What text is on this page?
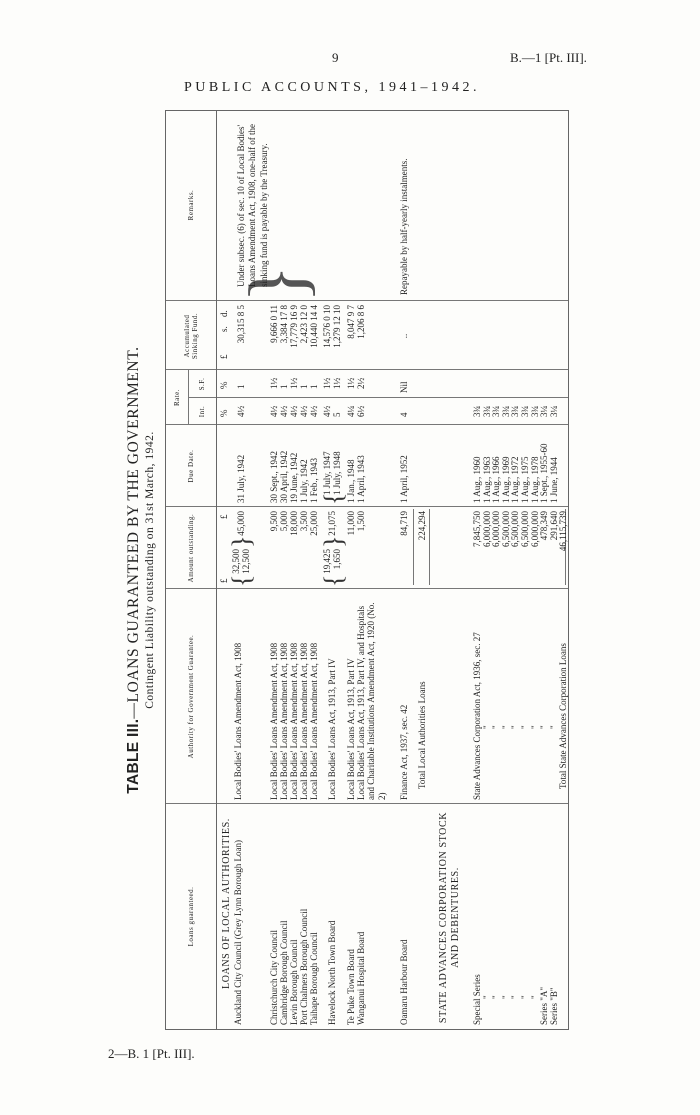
9	B.—1 [Pt. III].
PUBLIC ACCOUNTS, 1941–1942.
TABLE III.—LOANS GUARANTEED BY THE GOVERNMENT. Contingent Liability outstanding on 31st March, 1942.
Loans guaranteed.
Authority for Government Guarantee.
Amount outstanding.
Due Date.
Rate.
Int.
S.F.
Accumulated Sinking Fund.
Remarks.
£
£
%
%
£
s.
d.
LOANS OF LOCAL AUTHORITIES. Auckland City Council (Grey Lynn Borough Loan)
Local Bodies' Loans Amendment Act, 1908
{
32,500 12,500
}
45,000
31 July, 1942
4½
1
30,315 8 5
Christchurch City Council
Local Bodies' Loans Amendment Act, 1908
9,500
30 Sept., 1942
4½
1½
9,666 0 11
Cambridge Borough Council
Local Bodies' Loans Amendment Act, 1908
5,000
30 April, 1942
4½
1
3,384 17 8
Levin Borough Council
Local Bodies' Loans Amendment Act, 1908
18,000
19 June, 1942
4½
1½
17,779 16 9
Port Chalmers Borough Council
Local Bodies' Loans Amendment Act, 1908
3,500
1 July, 1942
4½
1
2,423 12 0
Taihape Borough Council
Local Bodies' Loans Amendment Act, 1908
25,000
1 Feb., 1943
4½
1
10,440 14 4
Havelock North Town Board
Local Bodies' Loans Act, 1913, Part IV
{
19,425 1,650
}
21,075
{
1 July, 1947 1 July, 1948
4½ 5
1½ 1½
14,576 0 10 1,279 12 10
Te Puke Town Board
Local Bodies' Loans Act, 1913, Part IV
11,000
1 Jan., 1948
4¼
1½
8,047 9 7
Wanganui Hospital Board
Local Bodies' Loans Act, 1913, Part IV, and Hospitals and Charitable Institutions Amendment Act, 1920 (No. 2)
1,500
1 April, 1943
6½
2½
1,206 8 6
Oamaru Harbour Board
Finance Act, 1937, sec. 42
84,719
1 April, 1952
4
Nil
..
Repayable by half-yearly instalments.
Total Local Authorities Loans
224,294
}
Under subsec. (6) of sec. 10 of Local Bodies' Loans Amendment Act, 1908, one-half of the sinking fund is payable by the Treasury.
STATE ADVANCES CORPORATION STOCK AND DEBENTURES.
Special Series
State Advances Corporation Act, 1936, sec. 27
7,845,750
1 Aug., 1960
3¾
"
"
6,000,000
1 Aug., 1963
3¾
"
"
6,000,000
1 Aug., 1966
3¾
"
"
6,500,000
1 Aug., 1969
3¾
"
"
6,500,000
1 Aug., 1972
3¾
"
"
6,500,000
1 Aug., 1975
3¾
"
"
6,000,000
1 Aug., 1978
3¾
Series "A"
"
478,349
1 Sept., 1955-60
3¼
Series "B"
"
291,640
1 June, 1944
3¼
Total State Advances Corporation Loans
46,115,739
2—B. 1 [Pt. III].
